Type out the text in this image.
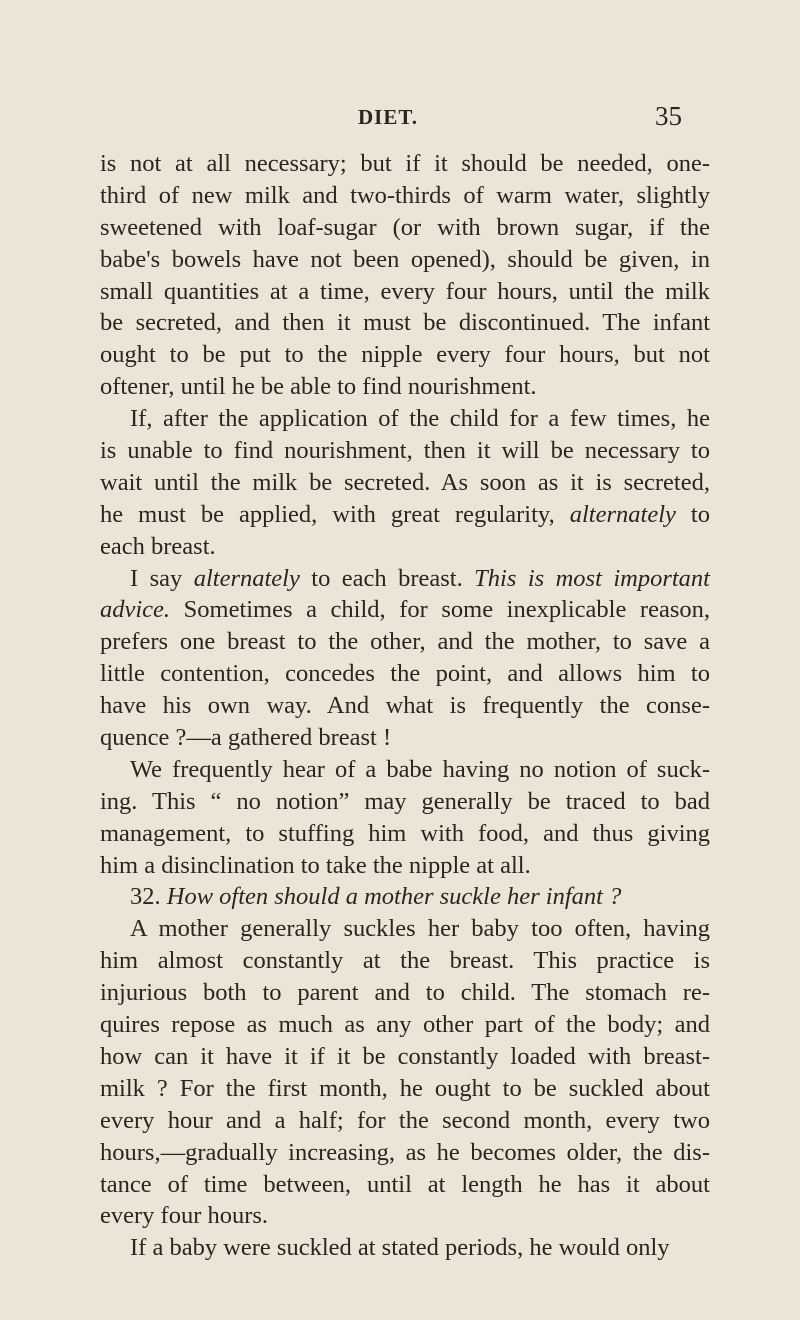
DIET.	35
is not at all necessary; but if it should be needed, one-
third of new milk and two-thirds of warm water, slightly
sweetened with loaf-sugar (or with brown sugar, if the
babe's bowels have not been opened), should be given, in
small quantities at a time, every four hours, until the milk
be secreted, and then it must be discontinued. The infant
ought to be put to the nipple every four hours, but not
oftener, until he be able to find nourishment.
If, after the application of the child for a few times, he
is unable to find nourishment, then it will be necessary to
wait until the milk be secreted. As soon as it is secreted,
he must be applied, with great regularity, alternately to
each breast.
I say alternately to each breast. This is most important
advice. Sometimes a child, for some inexplicable reason,
prefers one breast to the other, and the mother, to save a
little contention, concedes the point, and allows him to
have his own way. And what is frequently the conse-
quence ?—a gathered breast !
We frequently hear of a babe having no notion of suck-
ing. This “ no notion” may generally be traced to bad
management, to stuffing him with food, and thus giving
him a disinclination to take the nipple at all.
32. How often should a mother suckle her infant ?
A mother generally suckles her baby too often, having
him almost constantly at the breast. This practice is
injurious both to parent and to child. The stomach re-
quires repose as much as any other part of the body; and
how can it have it if it be constantly loaded with breast-
milk ? For the first month, he ought to be suckled about
every hour and a half; for the second month, every two
hours,—gradually increasing, as he becomes older, the dis-
tance of time between, until at length he has it about
every four hours.
If a baby were suckled at stated periods, he would only
